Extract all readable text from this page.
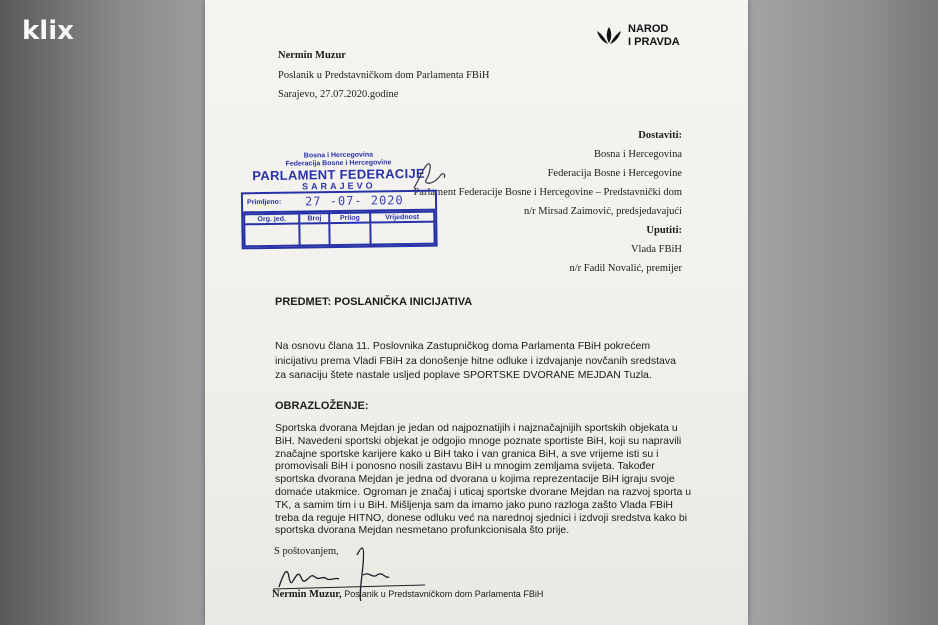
klix	NAROD
I PRAVDA
Nermin Muzur
Poslanik u Predstavničkom dom Parlamenta FBiH
Sarajevo, 27.07.2020.godine
Dostaviti:
Bosna i Hercegovina
Federacija Bosne i Hercegovine
Parlament Federacije Bosne i Hercegovine – Predstavnički dom
n/r Mirsad Zaimović, predsjedavajući
Uputiti:
Vlada FBiH
n/r Fadil Novalić, premijer
Bosna i Hercegovina
Federacija Bosne i Hercegovine
PARLAMENT FEDERACIJE
SARAJEVO
Primljeno: 27 -07- 2020
Org. jed.	Broj	Prilog	Vrijednost

PREDMET: POSLANIČKA INICIJATIVA
Na osnovu člana 11. Poslovnika Zastupničkog doma Parlamenta FBiH pokrećem inicijativu prema Vladi FBiH za donošenje hitne odluke i izdvajanje novčanih sredstava za sanaciju štete nastale usljed poplave SPORTSKE DVORANE MEJDAN Tuzla.
OBRAZLOŽENJE:
Sportska dvorana Mejdan je jedan od najpoznatijih i najznačajnijih sportskih objekata u BiH. Navedeni sportski objekat je odgojio mnoge poznate sportiste BiH, koji su napravili značajne sportske karijere kako u BiH tako i van granica BiH, a sve vrijeme isti su i promovisali BiH i ponosno nosili zastavu BiH u mnogim zemljama svijeta. Također sportska dvorana Mejdan je jedna od dvorana u kojima reprezentacije BiH igraju svoje domaće utakmice. Ogroman je značaj i uticaj sportske dvorane Mejdan na razvoj sporta u TK, a samim tim i u BiH. Mišljenja sam da imamo jako puno razloga zašto Vlada FBiH treba da reguje HITNO, donese odluku već na narednoj sjednici i izdvoji sredstva kako bi sportska dvorana Mejdan nesmetano profunkcionisala što prije.
S poštovanjem,
Nermin Muzur, Poslanik u Predstavničkom dom Parlamenta FBiH
